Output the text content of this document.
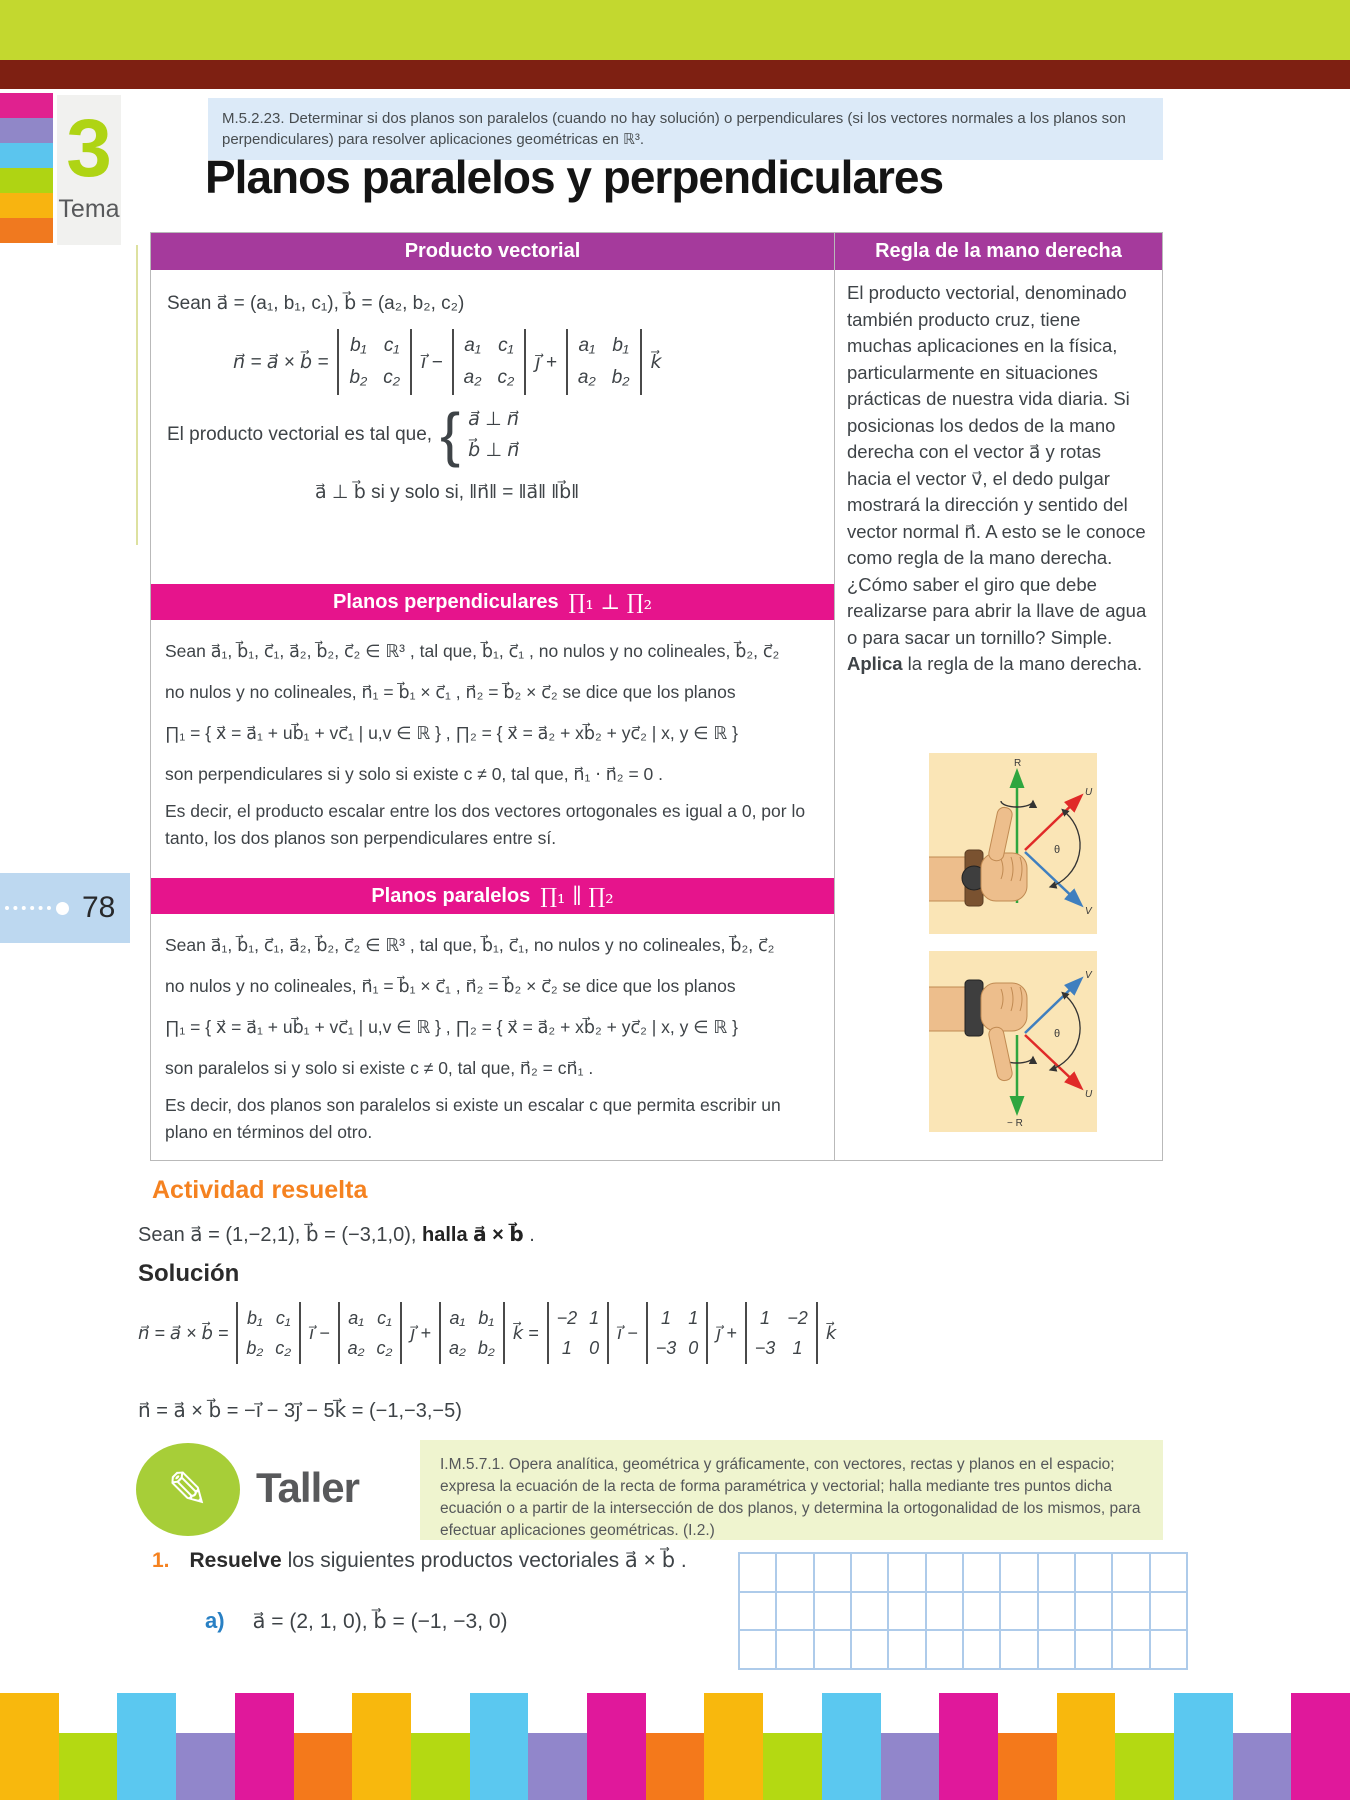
3
Tema
M.5.2.23. Determinar si dos planos son paralelos (cuando no hay solución) o perpendiculares (si los vectores normales a los planos son perpendiculares) para resolver aplicaciones geométricas en ℝ³.
Planos paralelos y perpendiculares
Producto vectorial	Regla de la mano derecha
Sean a⃗ = (a₁, b₁, c₁), b⃗ = (a₂, b₂, c₂)
n⃗ = a⃗ × b⃗ =
b₁ c₁
b₂ c₂
i⃗ −
a₁ c₁
a₂ c₂
j⃗ +
a₁ b₁
a₂ b₂
k⃗
El producto vectorial es tal que, { a⃗ ⊥ n⃗
b⃗ ⊥ n⃗
a⃗ ⊥ b⃗ si y solo si, ‖n⃗‖ = ‖a⃗‖ ‖b⃗‖
Planos perpendiculares ∏₁ ⊥ ∏₂
Sean a⃗₁, b⃗₁, c⃗₁, a⃗₂, b⃗₂, c⃗₂ ∈ ℝ³ , tal que, b⃗₁, c⃗₁ , no nulos y no colineales, b⃗₂, c⃗₂
no nulos y no colineales, n⃗₁ = b⃗₁ × c⃗₁ , n⃗₂ = b⃗₂ × c⃗₂ se dice que los planos
∏₁ = { x⃗ = a⃗₁ + ub⃗₁ + vc⃗₁ | u,v ∈ ℝ } , ∏₂ = { x⃗ = a⃗₂ + xb⃗₂ + yc⃗₂ | x, y ∈ ℝ }
son perpendiculares si y solo si existe c ≠ 0, tal que, n⃗₁ ⋅ n⃗₂ = 0 .
Es decir, el producto escalar entre los dos vectores ortogonales es igual a 0, por lo tanto, los dos planos son perpendiculares entre sí.
Planos paralelos ∏₁ ∥ ∏₂
Sean a⃗₁, b⃗₁, c⃗₁, a⃗₂, b⃗₂, c⃗₂ ∈ ℝ³ , tal que, b⃗₁, c⃗₁, no nulos y no colineales, b⃗₂, c⃗₂
no nulos y no colineales, n⃗₁ = b⃗₁ × c⃗₁ , n⃗₂ = b⃗₂ × c⃗₂ se dice que los planos
∏₁ = { x⃗ = a⃗₁ + ub⃗₁ + vc⃗₁ | u,v ∈ ℝ } , ∏₂ = { x⃗ = a⃗₂ + xb⃗₂ + yc⃗₂ | x, y ∈ ℝ }
son paralelos si y solo si existe c ≠ 0, tal que, n⃗₂ = cn⃗₁ .
Es decir, dos planos son paralelos si existe un escalar c que permita escribir un plano en términos del otro.
El producto vectorial, denominado también producto cruz, tiene muchas aplicaciones en la física, particularmente en situaciones prácticas de nuestra vida diaria. Si posicionas los dedos de la mano derecha con el vector a⃗ y rotas hacia el vector v⃗, el dedo pulgar mostrará la dirección y sentido del vector normal n⃗. A esto se le conoce como regla de la mano derecha. ¿Cómo saber el giro que debe realizarse para abrir la llave de agua o para sacar un tornillo? Simple. Aplica la regla de la mano derecha.
R
U
V
θ
V
U
− R
θ
Actividad resuelta
Sean a⃗ = (1,−2,1), b⃗ = (−3,1,0), halla a⃗ × b⃗ .
Solución
n⃗ = a⃗ × b⃗ =
b₁ c₁
b₂ c₂
i⃗ −
a₁ c₁
a₂ c₂
j⃗ +
a₁ b₁
a₂ b₂
k⃗ =
−2 1
1 0
i⃗ −
1 1
−3 0
j⃗ +
1 −2
−3 1
k⃗
n⃗ = a⃗ × b⃗ = −i⃗ − 3j⃗ − 5k⃗ = (−1,−3,−5)
✎ Taller	I.M.5.7.1. Opera analítica, geométrica y gráficamente, con vectores, rectas y planos en el espacio; expresa la ecuación de la recta de forma paramétrica y vectorial; halla mediante tres puntos dicha ecuación o a partir de la intersección de dos planos, y determina la ortogonalidad de los mismos, para efectuar aplicaciones geométricas. (I.2.)
1. Resuelve los siguientes productos vectoriales a⃗ × b⃗ .
a) a⃗ = (2, 1, 0), b⃗ = (−1, −3, 0)
78
